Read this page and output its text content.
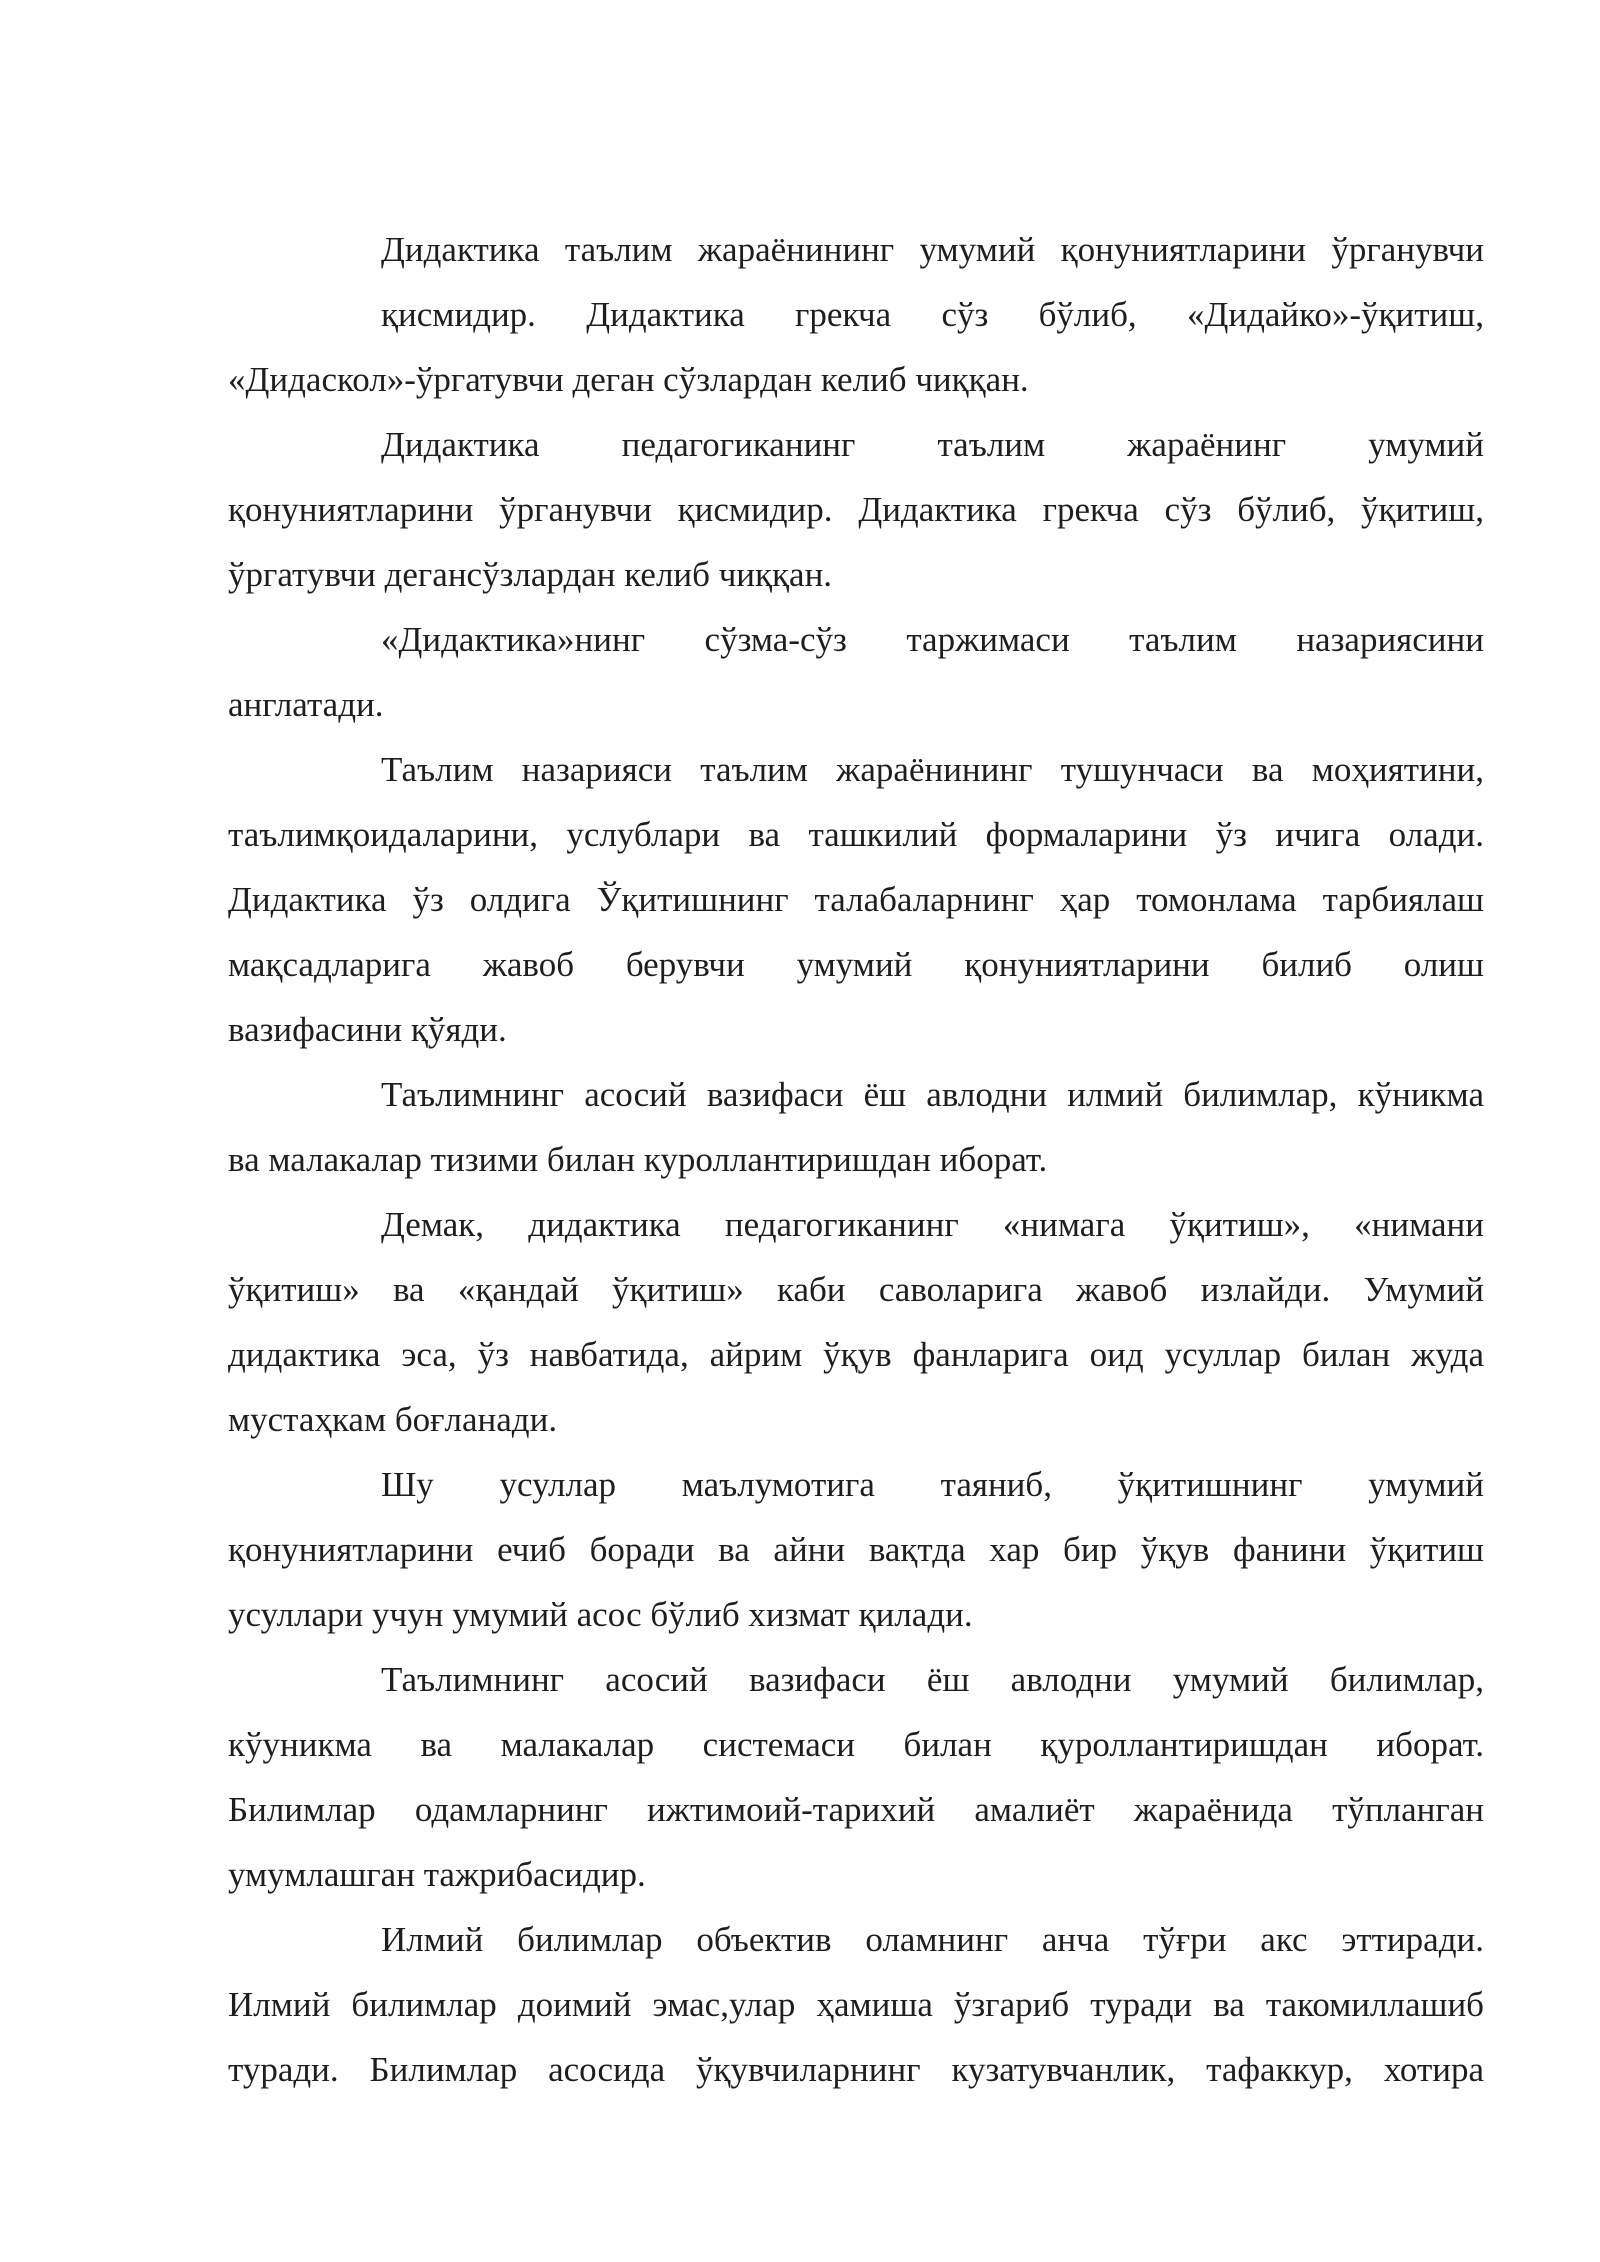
Дидактика таълим жараёнининг умумий қонуниятларини ўрганувчи
қисмидир. Дидактика грекча сўз бўлиб, «Дидайко»-ўқитиш,
«Дидаскол»-ўргатувчи деган сўзлардан келиб чиққан.
Дидактика педагогиканинг таълим жараёнинг умумий
қонуниятларини ўрганувчи қисмидир. Дидактика грекча сўз бўлиб, ўқитиш,
ўргатувчи дегансўзлардан келиб чиққан.
«Дидактика»нинг сўзма-сўз таржимаси таълим назариясини
англатади.
Таълим назарияси таълим жараёнининг тушунчаси ва моҳиятини,
таълимқоидаларини, услублари ва ташкилий формаларини ўз ичига олади.
Дидактика ўз олдига Ўқитишнинг талабаларнинг ҳар томонлама тарбиялаш
мақсадларига жавоб берувчи умумий қонуниятларини билиб олиш
вазифасини қўяди.
Таълимнинг асосий вазифаси ёш авлодни илмий билимлар, кўникма
ва малакалар тизими билан куроллантиришдан иборат.
Демак, дидактика педагогиканинг «нимага ўқитиш», «нимани
ўқитиш» ва «қандай ўқитиш» каби саволарига жавоб излайди. Умумий
дидактика эса, ўз навбатида, айрим ўқув фанларига оид усуллар билан жуда
мустаҳкам боғланади.
Шу усуллар маълумотига таяниб, ўқитишнинг умумий
қонуниятларини ечиб боради ва айни вақтда хар бир ўқув фанини ўқитиш
усуллари учун умумий асос бўлиб хизмат қилади.
Таълимнинг асосий вазифаси ёш авлодни умумий билимлар,
кўуникма ва малакалар системаси билан қуроллантиришдан иборат.
Билимлар одамларнинг ижтимоий-тарихий амалиёт жараёнида тўпланган
умумлашган тажрибасидир.
Илмий билимлар объектив оламнинг анча тўғри акс эттиради.
Илмий билимлар доимий эмас,улар ҳамиша ўзгариб туради ва такомиллашиб
туради. Билимлар асосида ўқувчиларнинг кузатувчанлик, тафаккур, хотира
